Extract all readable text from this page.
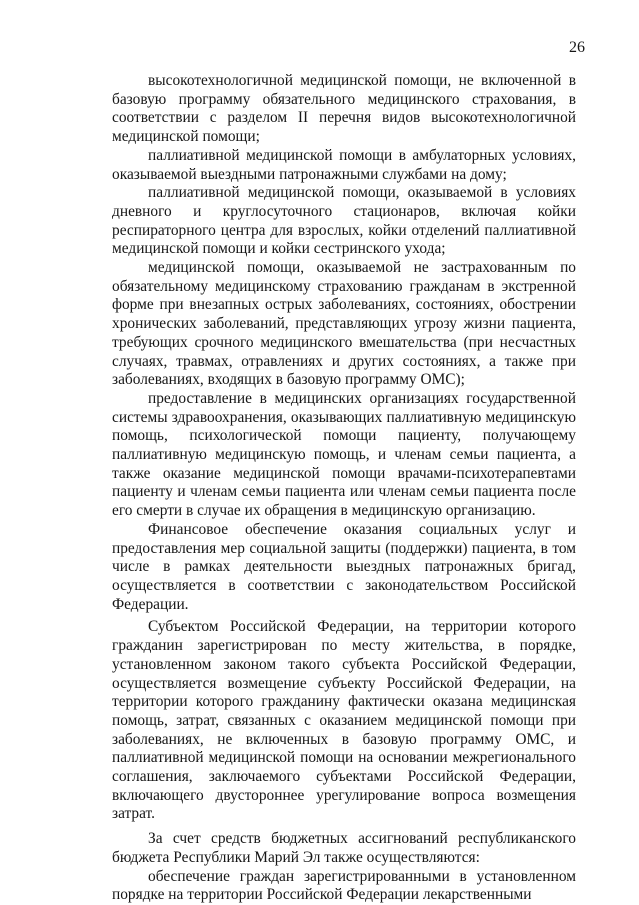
26

высокотехнологичной медицинской помощи, не включенной в базовую программу обязательного медицинского страхования, в соответствии с разделом II перечня видов высокотехнологичной медицинской помощи;

паллиативной медицинской помощи в амбулаторных условиях, оказываемой выездными патронажными службами на дому;

паллиативной медицинской помощи, оказываемой в условиях дневного и круглосуточного стационаров, включая койки респираторного центра для взрослых, койки отделений паллиативной медицинской помощи и койки сестринского ухода;

медицинской помощи, оказываемой не застрахованным по обязательному медицинскому страхованию гражданам в экстренной форме при внезапных острых заболеваниях, состояниях, обострении хронических заболеваний, представляющих угрозу жизни пациента, требующих срочного медицинского вмешательства (при несчастных случаях, травмах, отравлениях и других состояниях, а также при заболеваниях, входящих в базовую программу ОМС);

предоставление в медицинских организациях государственной системы здравоохранения, оказывающих паллиативную медицинскую помощь, психологической помощи пациенту, получающему паллиативную медицинскую помощь, и членам семьи пациента, а также оказание медицинской помощи врачами-психотерапевтами пациенту и членам семьи пациента или членам семьи пациента после его смерти в случае их обращения в медицинскую организацию.

Финансовое обеспечение оказания социальных услуг и предоставления мер социальной защиты (поддержки) пациента, в том числе в рамках деятельности выездных патронажных бригад, осуществляется в соответствии с законодательством Российской Федерации.

Субъектом Российской Федерации, на территории которого гражданин зарегистрирован по месту жительства, в порядке, установленном законом такого субъекта Российской Федерации, осуществляется возмещение субъекту Российской Федерации, на территории которого гражданину фактически оказана медицинская помощь, затрат, связанных с оказанием медицинской помощи при заболеваниях, не включенных в базовую программу ОМС, и паллиативной медицинской помощи на основании межрегионального соглашения, заключаемого субъектами Российской Федерации, включающего двустороннее урегулирование вопроса возмещения затрат.

За счет средств бюджетных ассигнований республиканского бюджета Республики Марий Эл также осуществляются:

обеспечение граждан зарегистрированными в установленном порядке на территории Российской Федерации лекарственными
